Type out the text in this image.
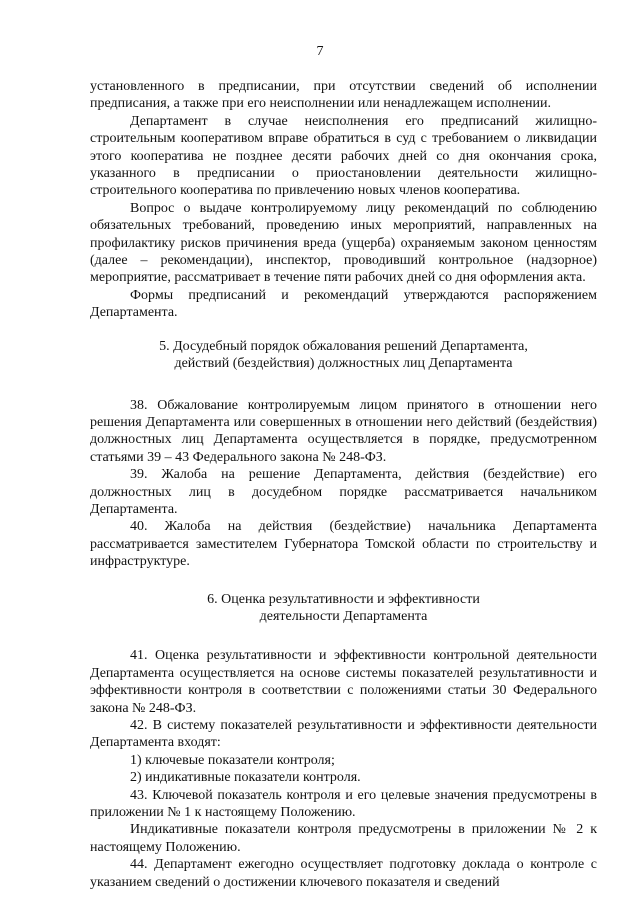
7

установленного в предписании, при отсутствии сведений об исполнении предписания, а также при его неисполнении или ненадлежащем исполнении.

Департамент в случае неисполнения его предписаний жилищно-строительным кооперативом вправе обратиться в суд с требованием о ликвидации этого кооператива не позднее десяти рабочих дней со дня окончания срока, указанного в предписании о приостановлении деятельности жилищно-строительного кооператива по привлечению новых членов кооператива.

Вопрос о выдаче контролируемому лицу рекомендаций по соблюдению обязательных требований, проведению иных мероприятий, направленных на профилактику рисков причинения вреда (ущерба) охраняемым законом ценностям (далее – рекомендации), инспектор, проводивший контрольное (надзорное) мероприятие, рассматривает в течение пяти рабочих дней со дня оформления акта.

Формы предписаний и рекомендаций утверждаются распоряжением Департамента.

5. Досудебный порядок обжалования решений Департамента,
действий (бездействия) должностных лиц Департамента

38. Обжалование контролируемым лицом принятого в отношении него решения Департамента или совершенных в отношении него действий (бездействия) должностных лиц Департамента осуществляется в порядке, предусмотренном статьями 39 – 43 Федерального закона № 248-ФЗ.

39. Жалоба на решение Департамента, действия (бездействие) его должностных лиц в досудебном порядке рассматривается начальником Департамента.

40. Жалоба на действия (бездействие) начальника Департамента рассматривается заместителем Губернатора Томской области по строительству и инфраструктуре.

6. Оценка результативности и эффективности
деятельности Департамента

41. Оценка результативности и эффективности контрольной деятельности Департамента осуществляется на основе системы показателей результативности и эффективности контроля в соответствии с положениями статьи 30 Федерального закона № 248-ФЗ.

42. В систему показателей результативности и эффективности деятельности Департамента входят:

1) ключевые показатели контроля;

2) индикативные показатели контроля.

43. Ключевой показатель контроля и его целевые значения предусмотрены в приложении № 1 к настоящему Положению.

Индикативные показатели контроля предусмотрены в приложении № 2 к настоящему Положению.

44. Департамент ежегодно осуществляет подготовку доклада о контроле с указанием сведений о достижении ключевого показателя и сведений
